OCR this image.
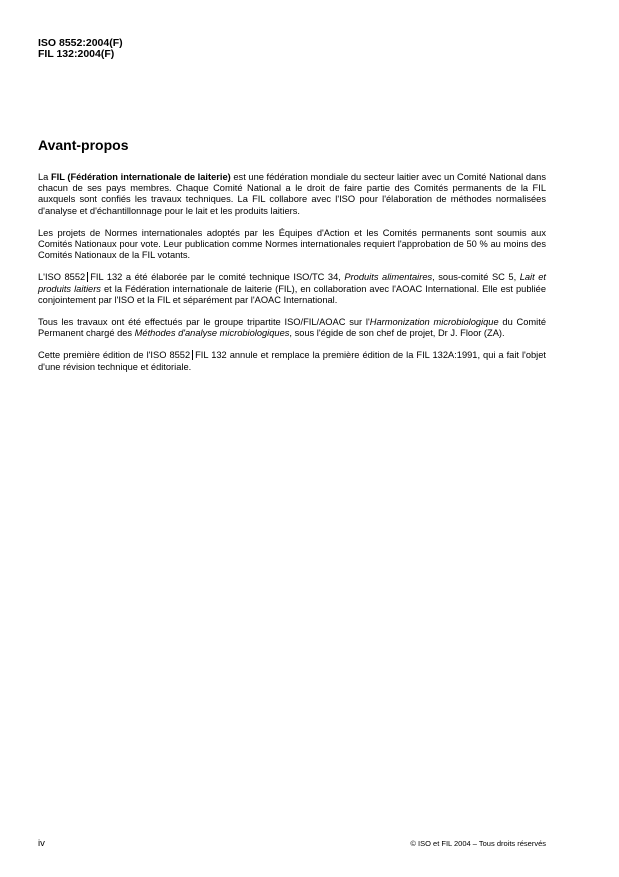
ISO 8552:2004(F)
FIL 132:2004(F)
Avant-propos

La FIL (Fédération internationale de laiterie) est une fédération mondiale du secteur laitier avec un Comité National dans chacun de ses pays membres. Chaque Comité National a le droit de faire partie des Comités permanents de la FIL auxquels sont confiés les travaux techniques. La FIL collabore avec l'ISO pour l'élaboration de méthodes normalisées d'analyse et d'échantillonnage pour le lait et les produits laitiers.

Les projets de Normes internationales adoptés par les Équipes d'Action et les Comités permanents sont soumis aux Comités Nationaux pour vote. Leur publication comme Normes internationales requiert l'approbation de 50 % au moins des Comités Nationaux de la FIL votants.

L'ISO 8552 FIL 132 a été élaborée par le comité technique ISO/TC 34, Produits alimentaires, sous-comité SC 5, Lait et produits laitiers et la Fédération internationale de laiterie (FIL), en collaboration avec l'AOAC International. Elle est publiée conjointement par l'ISO et la FIL et séparément par l'AOAC International.

Tous les travaux ont été effectués par le groupe tripartite ISO/FIL/AOAC sur l'Harmonization microbiologique du Comité Permanent chargé des Méthodes d'analyse microbiologiques, sous l'égide de son chef de projet, Dr J. Floor (ZA).

Cette première édition de l'ISO 8552 FIL 132 annule et remplace la première édition de la FIL 132A:1991, qui a fait l'objet d'une révision technique et éditoriale.

iv	© ISO et FIL 2004 – Tous droits réservés
